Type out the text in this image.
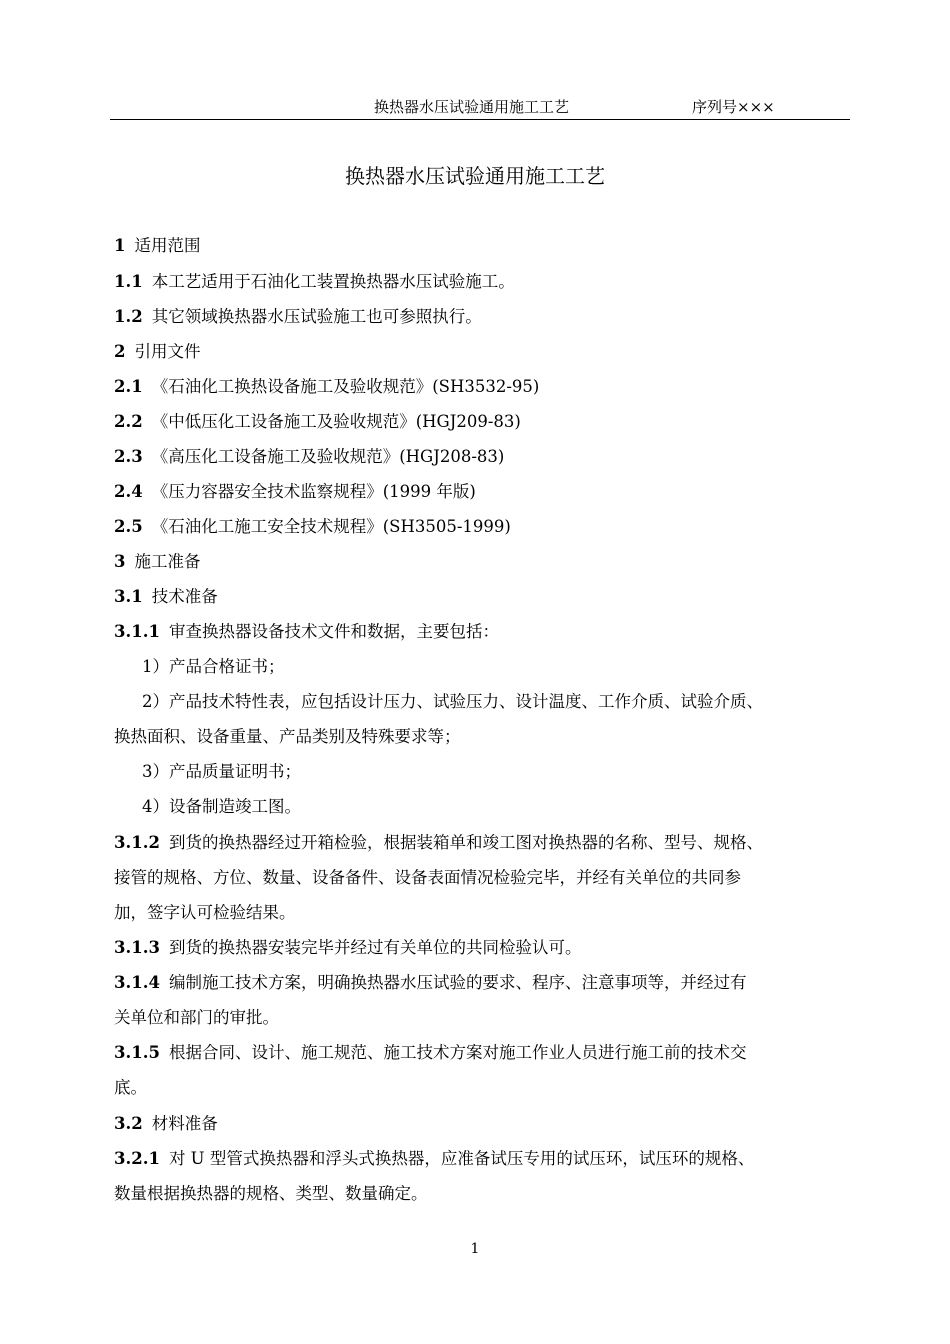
换热器水压试验通用施工工艺	序列号×××
换热器水压试验通用施工工艺
1 适用范围
1.1 本工艺适用于石油化工装置换热器水压试验施工。
1.2 其它领域换热器水压试验施工也可参照执行。
2 引用文件
2.1 《石油化工换热设备施工及验收规范》(SH3532-95)
2.2 《中低压化工设备施工及验收规范》(HGJ209-83)
2.3 《高压化工设备施工及验收规范》(HGJ208-83)
2.4 《压力容器安全技术监察规程》(1999 年版)
2.5 《石油化工施工安全技术规程》(SH3505-1999)
3 施工准备
3.1 技术准备
3.1.1 审查换热器设备技术文件和数据，主要包括：
1）产品合格证书；
2）产品技术特性表，应包括设计压力、试验压力、设计温度、工作介质、试验介质、
换热面积、设备重量、产品类别及特殊要求等；
3）产品质量证明书；
4）设备制造竣工图。
3.1.2 到货的换热器经过开箱检验，根据装箱单和竣工图对换热器的名称、型号、规格、
接管的规格、方位、数量、设备备件、设备表面情况检验完毕，并经有关单位的共同参
加，签字认可检验结果。
3.1.3 到货的换热器安装完毕并经过有关单位的共同检验认可。
3.1.4 编制施工技术方案，明确换热器水压试验的要求、程序、注意事项等，并经过有
关单位和部门的审批。
3.1.5 根据合同、设计、施工规范、施工技术方案对施工作业人员进行施工前的技术交
底。
3.2 材料准备
3.2.1 对 U 型管式换热器和浮头式换热器，应准备试压专用的试压环，试压环的规格、
数量根据换热器的规格、类型、数量确定。
1
